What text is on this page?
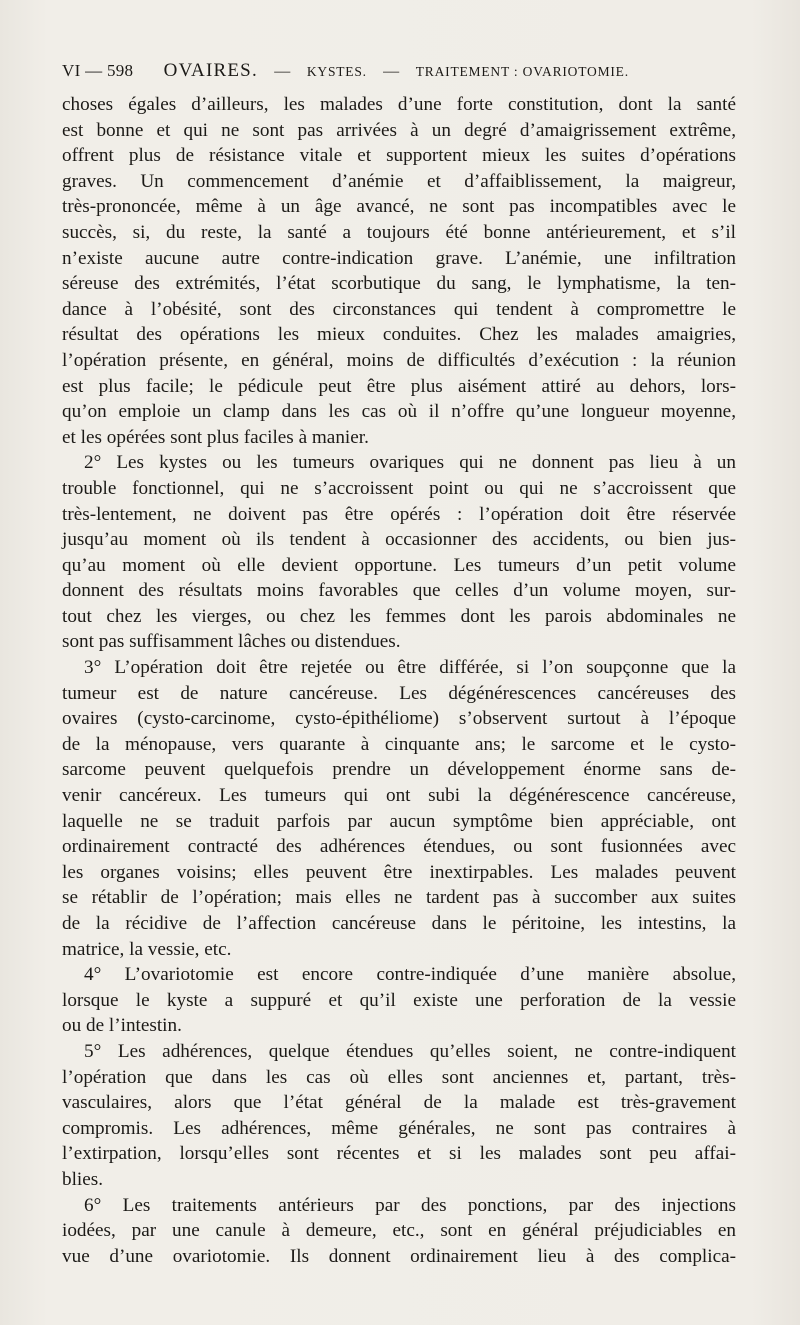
VI — 598 OVAIRES. — KYSTES. — TRAITEMENT : OVARIOTOMIE.
choses égales d’ailleurs, les malades d’une forte constitution, dont la santé
est bonne et qui ne sont pas arrivées à un degré d’amaigrissement extrême,
offrent plus de résistance vitale et supportent mieux les suites d’opérations
graves. Un commencement d’anémie et d’affaiblissement, la maigreur,
très-prononcée, même à un âge avancé, ne sont pas incompatibles avec le
succès, si, du reste, la santé a toujours été bonne antérieurement, et s’il
n’existe aucune autre contre-indication grave. L’anémie, une infiltration
séreuse des extrémités, l’état scorbutique du sang, le lymphatisme, la ten-
dance à l’obésité, sont des circonstances qui tendent à compromettre le
résultat des opérations les mieux conduites. Chez les malades amaigries,
l’opération présente, en général, moins de difficultés d’exécution : la réunion
est plus facile; le pédicule peut être plus aisément attiré au dehors, lors-
qu’on emploie un clamp dans les cas où il n’offre qu’une longueur moyenne,
et les opérées sont plus faciles à manier.
2° Les kystes ou les tumeurs ovariques qui ne donnent pas lieu à un
trouble fonctionnel, qui ne s’accroissent point ou qui ne s’accroissent que
très-lentement, ne doivent pas être opérés : l’opération doit être réservée
jusqu’au moment où ils tendent à occasionner des accidents, ou bien jus-
qu’au moment où elle devient opportune. Les tumeurs d’un petit volume
donnent des résultats moins favorables que celles d’un volume moyen, sur-
tout chez les vierges, ou chez les femmes dont les parois abdominales ne
sont pas suffisamment lâches ou distendues.
3° L’opération doit être rejetée ou être différée, si l’on soupçonne que la
tumeur est de nature cancéreuse. Les dégénérescences cancéreuses des
ovaires (cysto-carcinome, cysto-épithéliome) s’observent surtout à l’époque
de la ménopause, vers quarante à cinquante ans; le sarcome et le cysto-
sarcome peuvent quelquefois prendre un développement énorme sans de-
venir cancéreux. Les tumeurs qui ont subi la dégénérescence cancéreuse,
laquelle ne se traduit parfois par aucun symptôme bien appréciable, ont
ordinairement contracté des adhérences étendues, ou sont fusionnées avec
les organes voisins; elles peuvent être inextirpables. Les malades peuvent
se rétablir de l’opération; mais elles ne tardent pas à succomber aux suites
de la récidive de l’affection cancéreuse dans le péritoine, les intestins, la
matrice, la vessie, etc.
4° L’ovariotomie est encore contre-indiquée d’une manière absolue,
lorsque le kyste a suppuré et qu’il existe une perforation de la vessie
ou de l’intestin.
5° Les adhérences, quelque étendues qu’elles soient, ne contre-indiquent
l’opération que dans les cas où elles sont anciennes et, partant, très-
vasculaires, alors que l’état général de la malade est très-gravement
compromis. Les adhérences, même générales, ne sont pas contraires à
l’extirpation, lorsqu’elles sont récentes et si les malades sont peu affai-
blies.
6° Les traitements antérieurs par des ponctions, par des injections
iodées, par une canule à demeure, etc., sont en général préjudiciables en
vue d’une ovariotomie. Ils donnent ordinairement lieu à des complica-
